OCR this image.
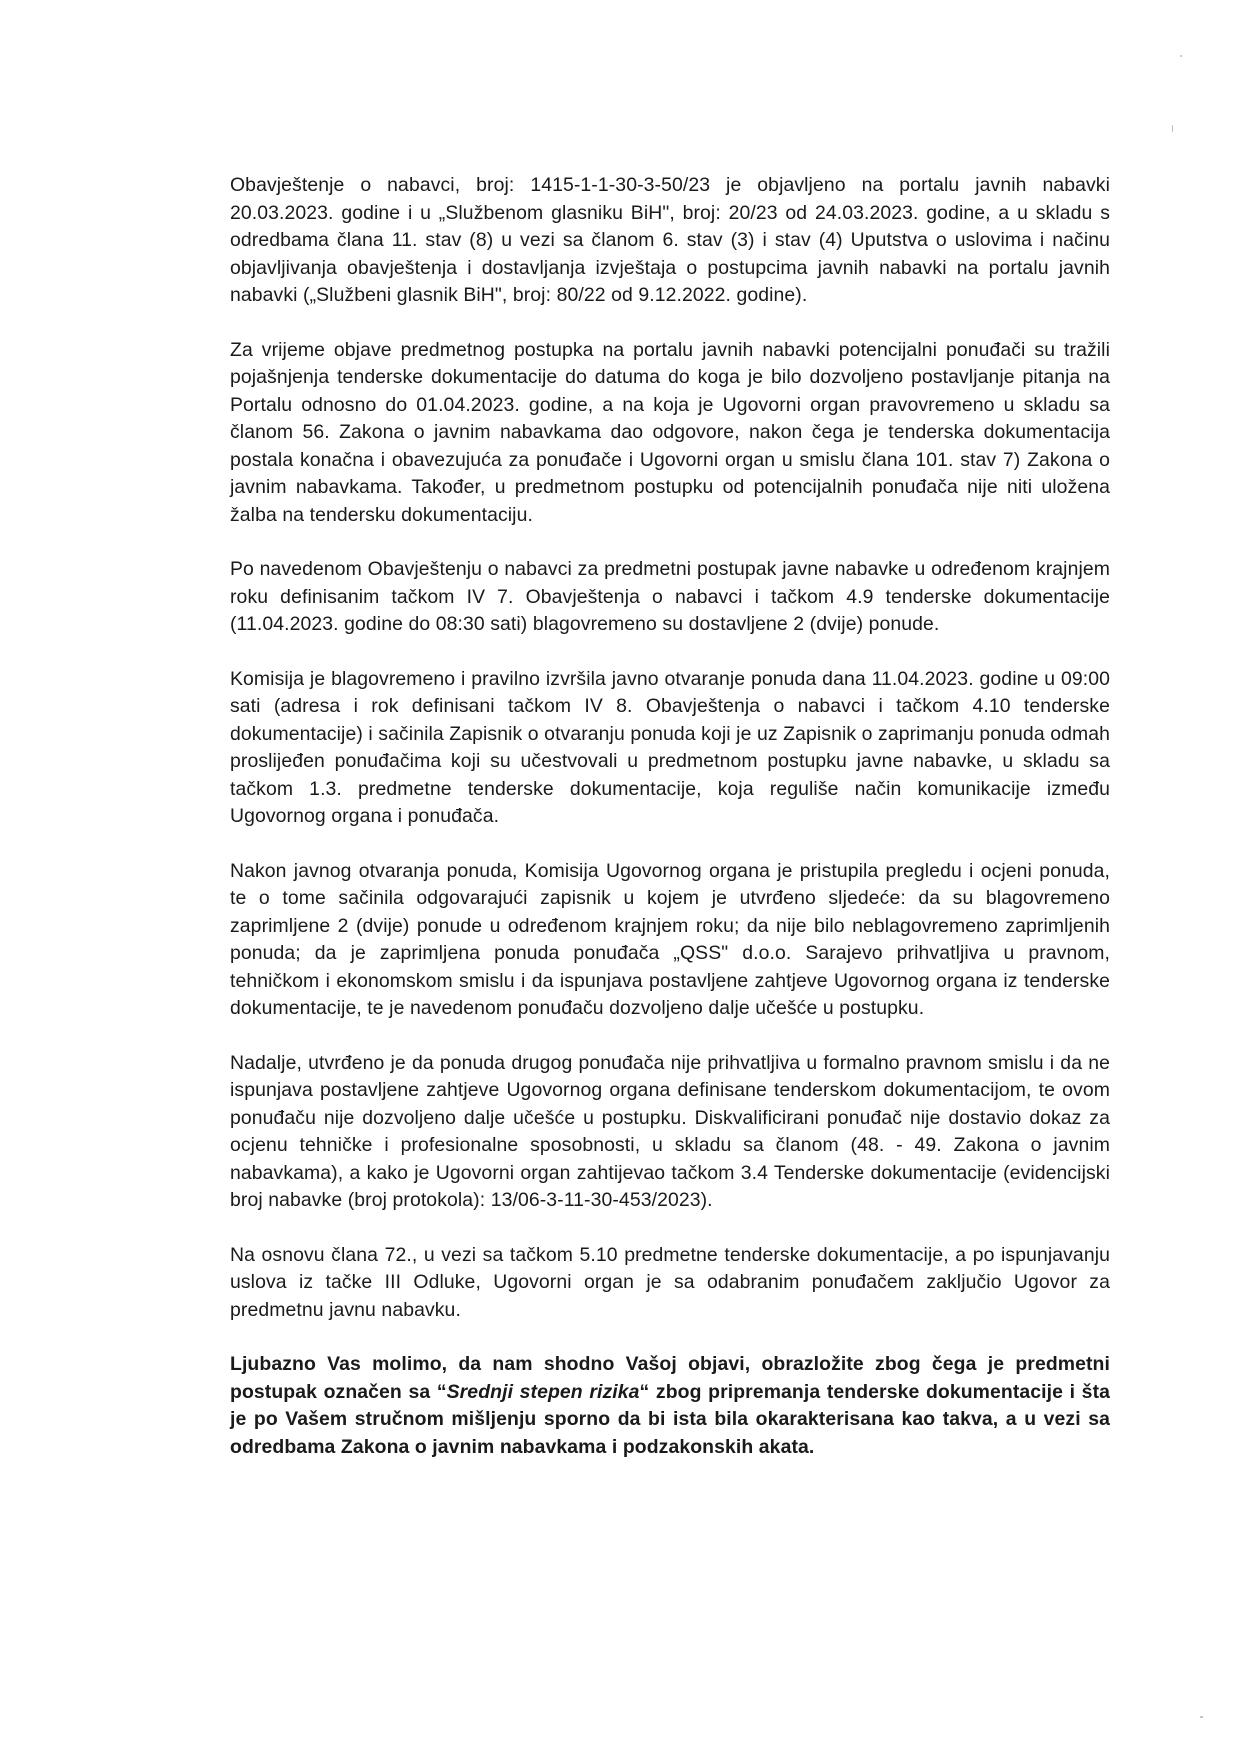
Obavještenje o nabavci, broj: 1415-1-1-30-3-50/23 je objavljeno na portalu javnih nabavki 20.03.2023. godine i u „Službenom glasniku BiH", broj: 20/23 od 24.03.2023. godine, a u skladu s odredbama člana 11. stav (8) u vezi sa članom 6. stav (3) i stav (4) Uputstva o uslovima i načinu objavljivanja obavještenja i dostavljanja izvještaja o postupcima javnih nabavki na portalu javnih nabavki („Službeni glasnik BiH", broj: 80/22 od 9.12.2022. godine).

Za vrijeme objave predmetnog postupka na portalu javnih nabavki potencijalni ponuđači su tražili pojašnjenja tenderske dokumentacije do datuma do koga je bilo dozvoljeno postavljanje pitanja na Portalu odnosno do 01.04.2023. godine, a na koja je Ugovorni organ pravovremeno u skladu sa članom 56. Zakona o javnim nabavkama dao odgovore, nakon čega je tenderska dokumentacija postala konačna i obavezujuća za ponuđače i Ugovorni organ u smislu člana 101. stav 7) Zakona o javnim nabavkama. Također, u predmetnom postupku od potencijalnih ponuđača nije niti uložena žalba na tendersku dokumentaciju.

Po navedenom Obavještenju o nabavci za predmetni postupak javne nabavke u određenom krajnjem roku definisanim tačkom IV 7. Obavještenja o nabavci i tačkom 4.9 tenderske dokumentacije (11.04.2023. godine do 08:30 sati) blagovremeno su dostavljene 2 (dvije) ponude.

Komisija je blagovremeno i pravilno izvršila javno otvaranje ponuda dana 11.04.2023. godine u 09:00 sati (adresa i rok definisani tačkom IV 8. Obavještenja o nabavci i tačkom 4.10 tenderske dokumentacije) i sačinila Zapisnik o otvaranju ponuda koji je uz Zapisnik o zaprimanju ponuda odmah proslijeđen ponuđačima koji su učestvovali u predmetnom postupku javne nabavke, u skladu sa tačkom 1.3. predmetne tenderske dokumentacije, koja reguliše način komunikacije između Ugovornog organa i ponuđača.

Nakon javnog otvaranja ponuda, Komisija Ugovornog organa je pristupila pregledu i ocjeni ponuda, te o tome sačinila odgovarajući zapisnik u kojem je utvrđeno sljedeće: da su blagovremeno zaprimljene 2 (dvije) ponude u određenom krajnjem roku; da nije bilo neblagovremeno zaprimljenih ponuda; da je zaprimljena ponuda ponuđača „QSS" d.o.o. Sarajevo prihvatljiva u pravnom, tehničkom i ekonomskom smislu i da ispunjava postavljene zahtjeve Ugovornog organa iz tenderske dokumentacije, te je navedenom ponuđaču dozvoljeno dalje učešće u postupku.

Nadalje, utvrđeno je da ponuda drugog ponuđača nije prihvatljiva u formalno pravnom smislu i da ne ispunjava postavljene zahtjeve Ugovornog organa definisane tenderskom dokumentacijom, te ovom ponuđaču nije dozvoljeno dalje učešće u postupku. Diskvalificirani ponuđač nije dostavio dokaz za ocjenu tehničke i profesionalne sposobnosti, u skladu sa članom (48. - 49. Zakona o javnim nabavkama), a kako je Ugovorni organ zahtijevao tačkom 3.4 Tenderske dokumentacije (evidencijski broj nabavke (broj protokola): 13/06-3-11-30-453/2023).

Na osnovu člana 72., u vezi sa tačkom 5.10 predmetne tenderske dokumentacije, a po ispunjavanju uslova iz tačke III Odluke, Ugovorni organ je sa odabranim ponuđačem zaključio Ugovor za predmetnu javnu nabavku.

Ljubazno Vas molimo, da nam shodno Vašoj objavi, obrazložite zbog čega je predmetni postupak označen sa “Srednji stepen rizika“ zbog pripremanja tenderske dokumentacije i šta je po Vašem stručnom mišljenju sporno da bi ista bila okarakterisana kao takva, a u vezi sa odredbama Zakona o javnim nabavkama i podzakonskih akata.
